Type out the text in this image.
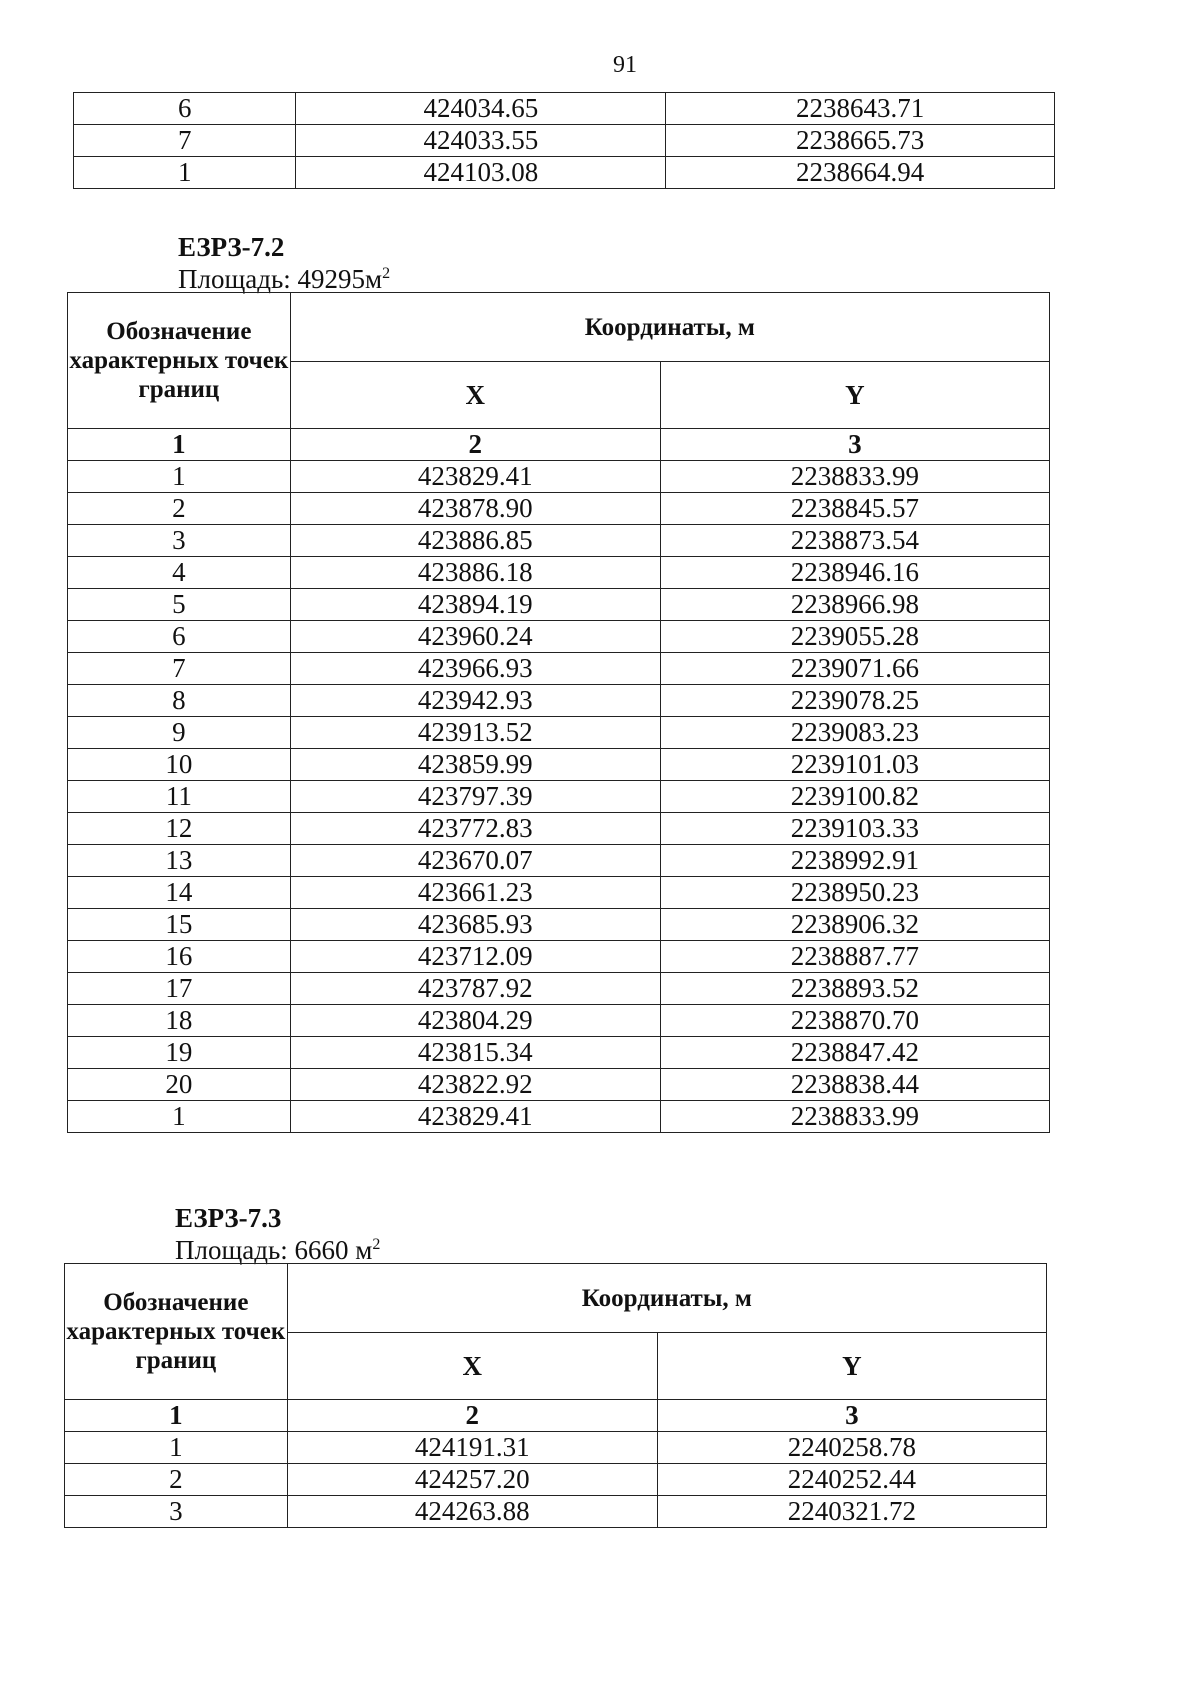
91
6	424034.65	2238643.71
7	424033.55	2238665.73
1	424103.08	2238664.94
ЕЗРЗ-7.2
Площадь: $49295м^2$
Обозначение характерных точек границ	Координаты, м	
	X	Y
1	2	3
1	423829.41	2238833.99
2	423878.90	2238845.57
3	423886.85	2238873.54
4	423886.18	2238946.16
5	423894.19	2238966.98
6	423960.24	2239055.28
7	423966.93	2239071.66
8	423942.93	2239078.25
9	423913.52	2239083.23
10	423859.99	2239101.03
11	423797.39	2239100.82
12	423772.83	2239103.33
13	423670.07	2238992.91
14	423661.23	2238950.23
15	423685.93	2238906.32
16	423712.09	2238887.77
17	423787.92	2238893.52
18	423804.29	2238870.70
19	423815.34	2238847.42
20	423822.92	2238838.44
1	423829.41	2238833.99
ЕЗРЗ-7.3
Площадь: 6660 $м^2$
Обозначение характерных точек границ	Координаты, м	
	X	Y
1	2	3
1	424191.31	2240258.78
2	424257.20	2240252.44
3	424263.88	2240321.72
